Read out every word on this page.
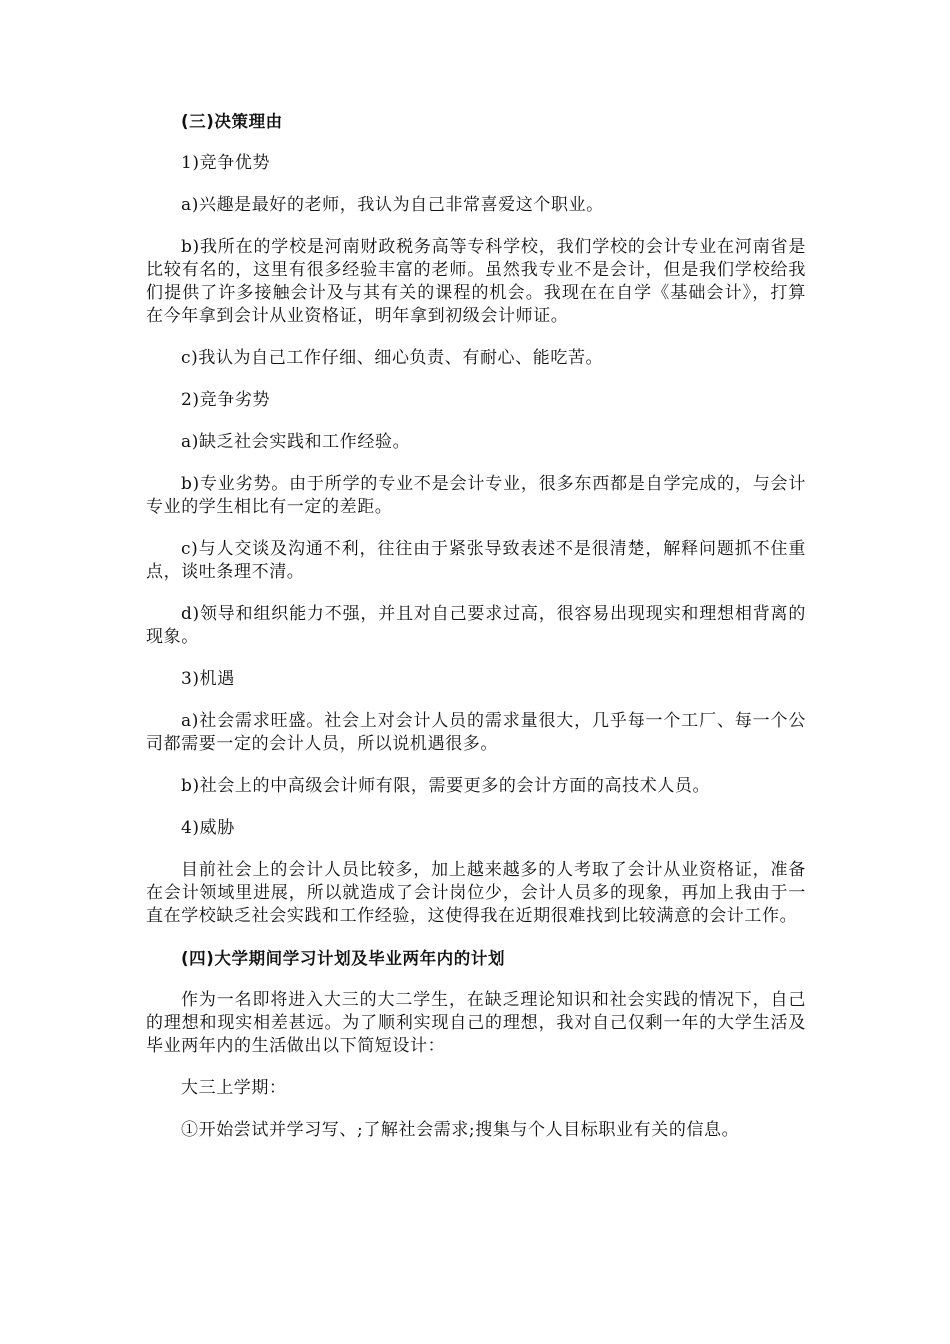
(三)决策理由

1)竞争优势

a)兴趣是最好的老师，我认为自己非常喜爱这个职业。

b)我所在的学校是河南财政税务高等专科学校，我们学校的会计专业在河南省是比较有名的，这里有很多经验丰富的老师。虽然我专业不是会计，但是我们学校给我们提供了许多接触会计及与其有关的课程的机会。我现在在自学《基础会计》，打算在今年拿到会计从业资格证，明年拿到初级会计师证。

c)我认为自己工作仔细、细心负责、有耐心、能吃苦。

2)竞争劣势

a)缺乏社会实践和工作经验。

b)专业劣势。由于所学的专业不是会计专业，很多东西都是自学完成的，与会计专业的学生相比有一定的差距。

c)与人交谈及沟通不利，往往由于紧张导致表述不是很清楚，解释问题抓不住重点，谈吐条理不清。

d)领导和组织能力不强，并且对自己要求过高，很容易出现现实和理想相背离的现象。

3)机遇

a)社会需求旺盛。社会上对会计人员的需求量很大，几乎每一个工厂、每一个公司都需要一定的会计人员，所以说机遇很多。

b)社会上的中高级会计师有限，需要更多的会计方面的高技术人员。

4)威胁

目前社会上的会计人员比较多，加上越来越多的人考取了会计从业资格证，准备在会计领域里进展，所以就造成了会计岗位少，会计人员多的现象，再加上我由于一直在学校缺乏社会实践和工作经验，这使得我在近期很难找到比较满意的会计工作。

(四)大学期间学习计划及毕业两年内的计划

作为一名即将进入大三的大二学生，在缺乏理论知识和社会实践的情况下，自己的理想和现实相差甚远。为了顺利实现自己的理想，我对自己仅剩一年的大学生活及毕业两年内的生活做出以下简短设计：

大三上学期：

①开始尝试并学习写、;了解社会需求;搜集与个人目标职业有关的信息。
